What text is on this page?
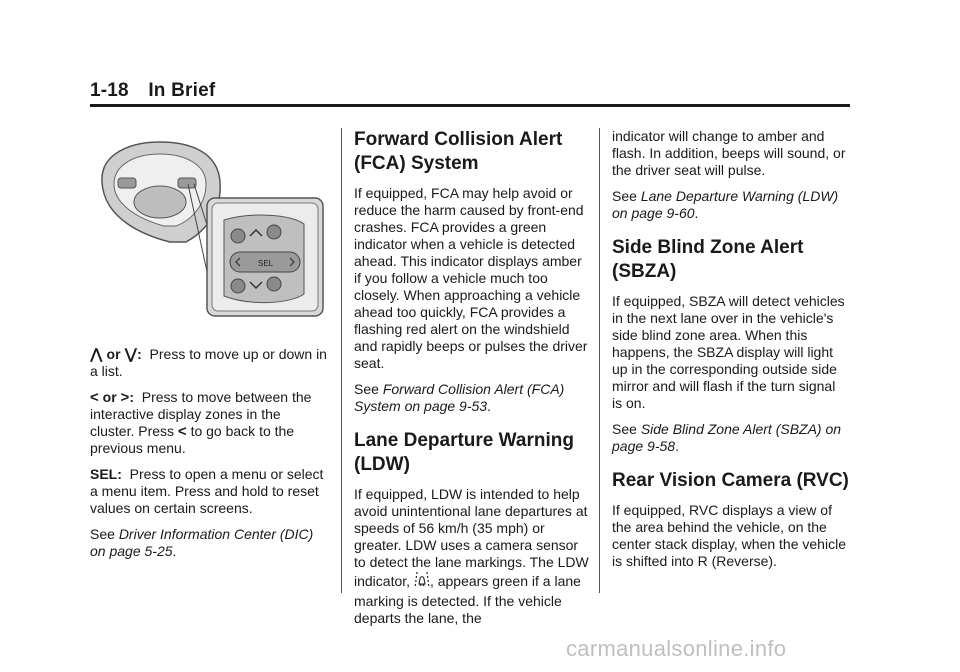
1-18 In Brief
SEL

⋀ or ⋁: Press to move up or down in a list.

< or >: Press to move between the interactive display zones in the cluster. Press < to go back to the previous menu.

SEL: Press to open a menu or select a menu item. Press and hold to reset values on certain screens.

See Driver Information Center (DIC) on page 5-25.

Forward Collision Alert (FCA) System

If equipped, FCA may help avoid or reduce the harm caused by front-end crashes. FCA provides a green indicator when a vehicle is detected ahead. This indicator displays amber if you follow a vehicle much too closely. When approaching a vehicle ahead too quickly, FCA provides a flashing red alert on the windshield and rapidly beeps or pulses the driver seat.

See Forward Collision Alert (FCA) System on page 9-53.

Lane Departure Warning (LDW)

If equipped, LDW is intended to help avoid unintentional lane departures at speeds of 56 km/h (35 mph) or greater. LDW uses a camera sensor to detect the lane markings. The LDW indicator, , appears green if a lane marking is detected. If the vehicle departs the lane, the

indicator will change to amber and flash. In addition, beeps will sound, or the driver seat will pulse.

See Lane Departure Warning (LDW) on page 9-60.

Side Blind Zone Alert (SBZA)

If equipped, SBZA will detect vehicles in the next lane over in the vehicle's side blind zone area. When this happens, the SBZA display will light up in the corresponding outside side mirror and will flash if the turn signal is on.

See Side Blind Zone Alert (SBZA) on page 9-58.

Rear Vision Camera (RVC)

If equipped, RVC displays a view of the area behind the vehicle, on the center stack display, when the vehicle is shifted into R (Reverse).

carmanualsonline.info
